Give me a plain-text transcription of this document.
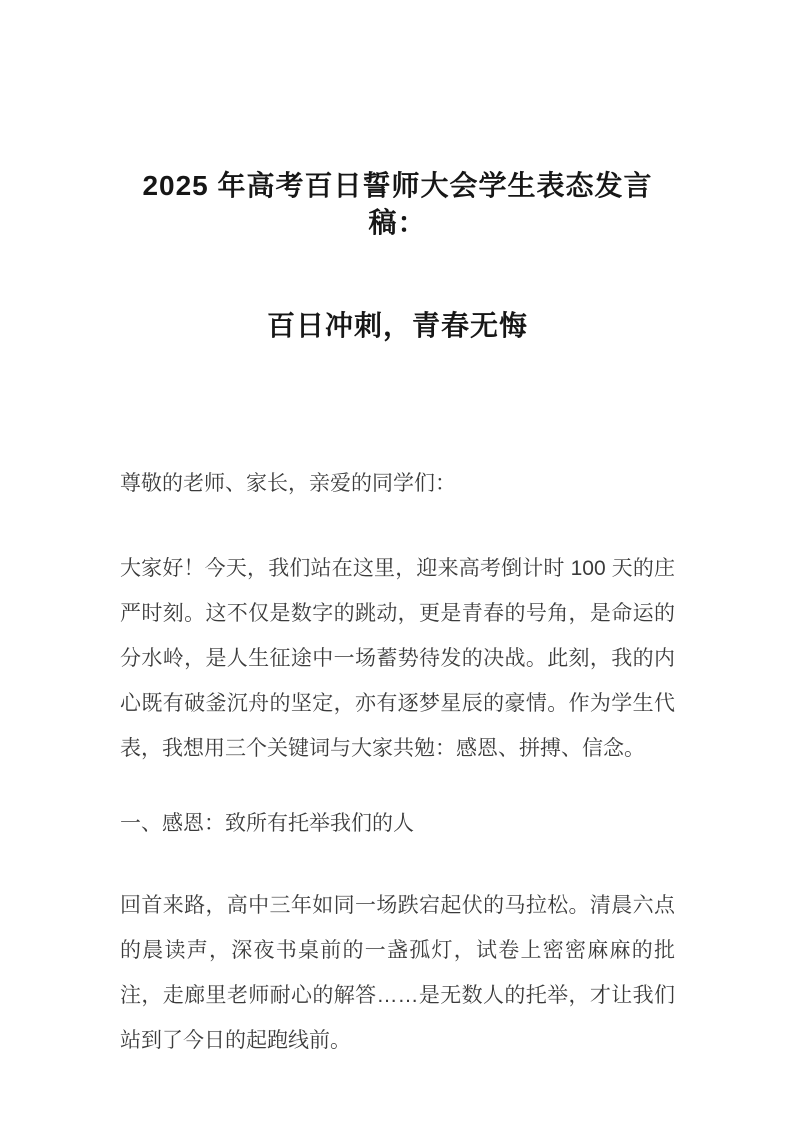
2025 年高考百日誓师大会学生表态发言稿：
百日冲刺，青春无悔

尊敬的老师、家长，亲爱的同学们：

大家好！今天，我们站在这里，迎来高考倒计时 100 天的庄严时刻。这不仅是数字的跳动，更是青春的号角，是命运的分水岭，是人生征途中一场蓄势待发的决战。此刻，我的内心既有破釜沉舟的坚定，亦有逐梦星辰的豪情。作为学生代表，我想用三个关键词与大家共勉：感恩、拼搏、信念。

一、感恩：致所有托举我们的人

回首来路，高中三年如同一场跌宕起伏的马拉松。清晨六点的晨读声，深夜书桌前的一盏孤灯，试卷上密密麻麻的批注，走廊里老师耐心的解答……是无数人的托举，才让我们站到了今日的起跑线前。
